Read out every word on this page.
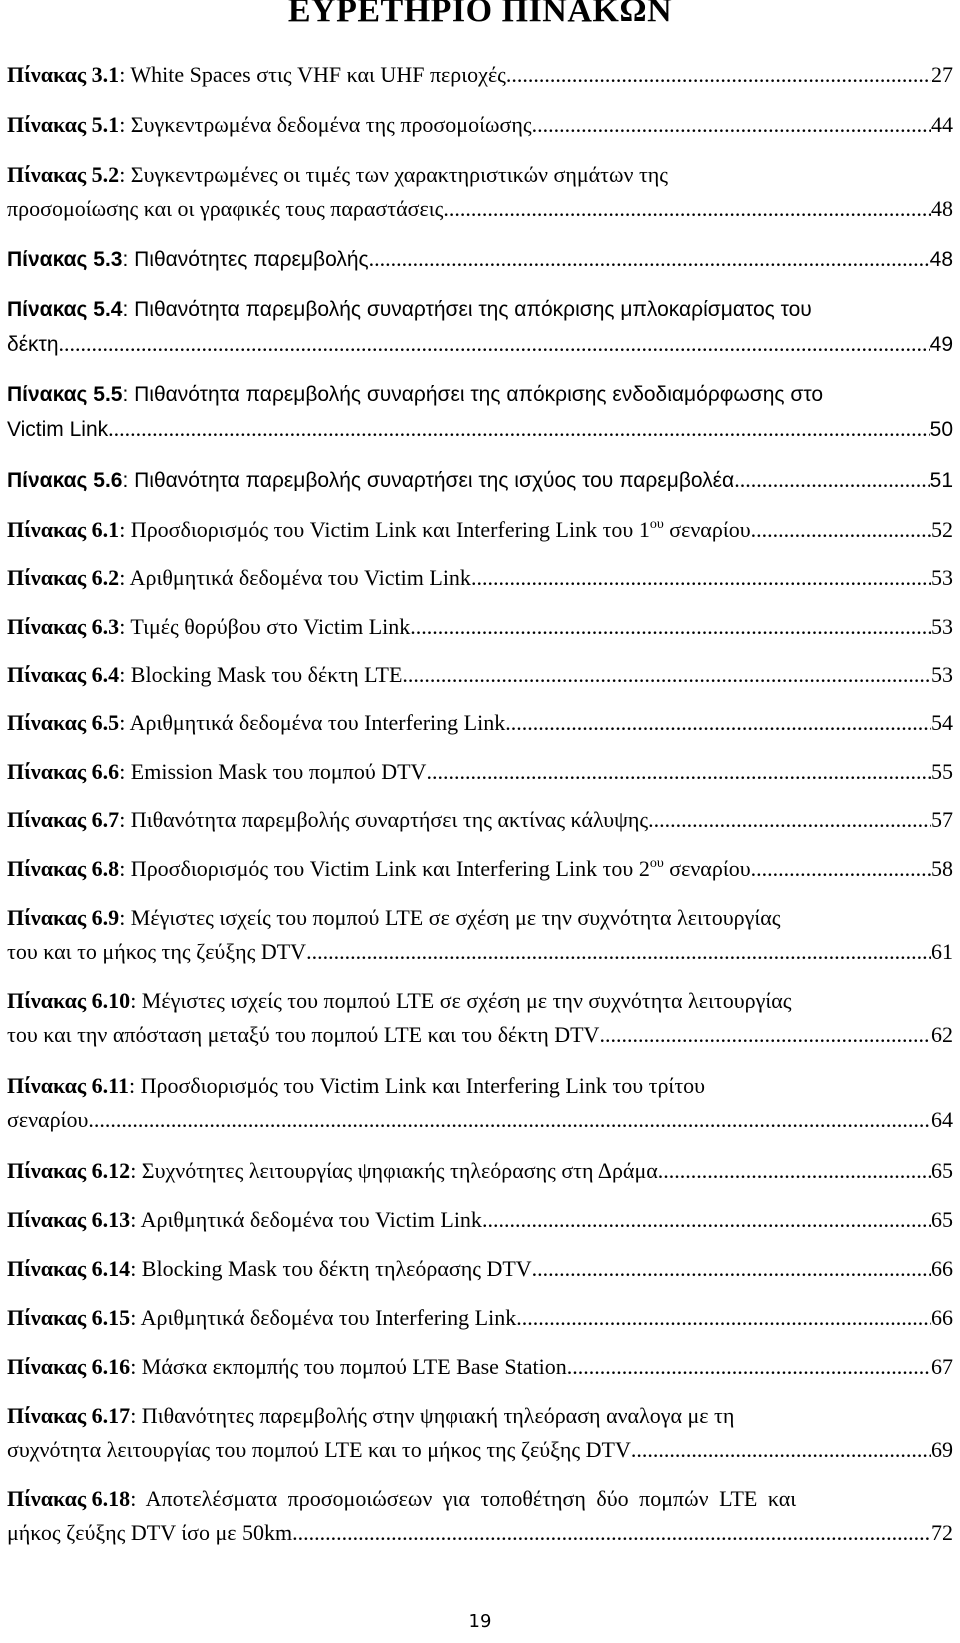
ΕΥΡΕΤΗΡΙΟ ΠΙΝΑΚΩΝ
Πίνακας 3.1 : White Spaces στις VHF και UHF περιοχές .....	27
Πίνακας 5.1 : Συγκεντρωμένα δεδομένα της προσομοίωσης .....	44
Πίνακας 5.2 : Συγκεντρωμένες οι τιμές των χαρακτηριστικών σημάτων της
προσομοίωσης και οι γραφικές τους παραστάσεις .....	48
Πίνακας 5.3 : Πιθανότητες παρεμβολής .....	48
Πίνακας 5.4 : Πιθανότητα παρεμβολής συναρτήσει της απόκρισης μπλοκαρίσματος του
δέκτη .....	49
Πίνακας 5.5 : Πιθανότητα παρεμβολής συναρήσει της απόκρισης ενδοδιαμόρφωσης στο
Victim Link .....	50
Πίνακας 5.6 : Πιθανότητα παρεμβολής συναρτήσει της ισχύος του παρεμβολέα .....	51
Πίνακας 6.1 : Προσδιορισμός του Victim Link και Interfering Link του $1^{o\upsilon}$ σεναρίου .....	52
Πίνακας 6.2 : Αριθμητικά δεδομένα του Victim Link .....	53
Πίνακας 6.3 : Τιμές θορύβου στο Victim Link .....	53
Πίνακας 6.4 : Blocking Mask του δέκτη LTE .....	53
Πίνακας 6.5 : Αριθμητικά δεδομένα του Interfering Link .....	54
Πίνακας 6.6 : Emission Mask του πομπού DTV .....	55
Πίνακας 6.7 : Πιθανότητα παρεμβολής συναρτήσει της ακτίνας κάλυψης .....	57
Πίνακας 6.8 : Προσδιορισμός του Victim Link και Interfering Link του $2^{o\upsilon}$ σεναρίου .....	58
Πίνακας 6.9 : Μέγιστες ισχείς του πομπού LTE σε σχέση με την συχνότητα λειτουργίας
του και το μήκος της ζεύξης DTV .....	61
Πίνακας 6.10 : Μέγιστες ισχείς του πομπού LTE σε σχέση με την συχνότητα λειτουργίας
του και την απόσταση μεταξύ του πομπού LTE και του δέκτη DTV .....	62
Πίνακας 6.11 : Προσδιορισμός του Victim Link και Interfering Link του τρίτου
σεναρίου .....	64
Πίνακας 6.12 : Συχνότητες λειτουργίας ψηφιακής τηλεόρασης στη Δράμα .....	65
Πίνακας 6.13 : Αριθμητικά δεδομένα του Victim Link .....	65
Πίνακας 6.14 : Blocking Mask του δέκτη τηλεόρασης DTV .....	66
Πίνακας 6.15 : Αριθμητικά δεδομένα του Interfering Link .....	66
Πίνακας 6.16 : Μάσκα εκπομπής του πομπού LTE Base Station .....	67
Πίνακας 6.17 : Πιθανότητες παρεμβολής στην ψηφιακή τηλεόραση αναλογα με τη
συχνότητα λειτουργίας του πομπού LTE και το μήκος της ζεύξης DTV .....	69
Πίνακας 6.18: Αποτελέσματα προσομοιώσεων για τοποθέτηση δύο πομπών LTE και
μήκος ζεύξης DTV ίσο με 50km .....	72
19
